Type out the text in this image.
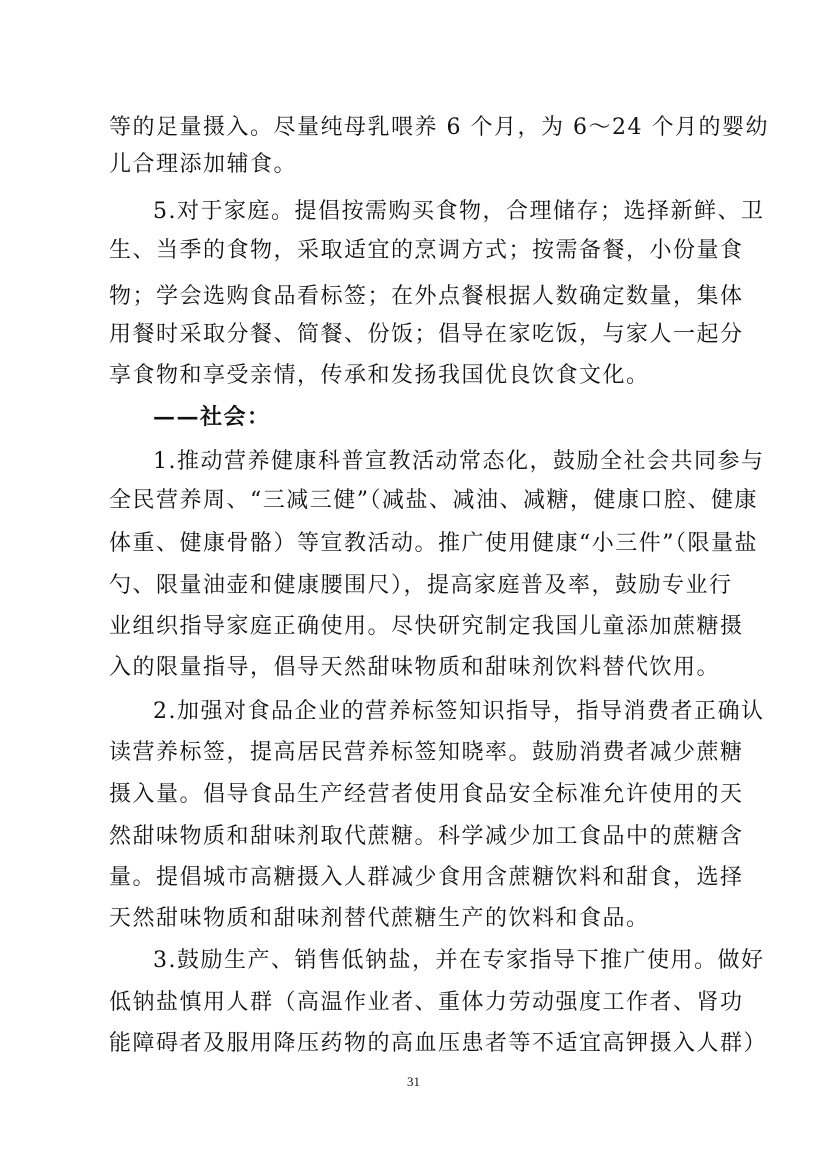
等的足量摄入。尽量纯母乳喂养 6 个月，为 6～24 个月的婴幼
儿合理添加辅食。
5.对于家庭。提倡按需购买食物，合理储存；选择新鲜、卫
生、当季的食物，采取适宜的烹调方式；按需备餐，小份量食
物；学会选购食品看标签；在外点餐根据人数确定数量，集体
用餐时采取分餐、简餐、份饭；倡导在家吃饭，与家人一起分
享食物和享受亲情，传承和发扬我国优良饮食文化。
——社会：
1.推动营养健康科普宣教活动常态化，鼓励全社会共同参与
全民营养周、“三减三健”（减盐、减油、减糖，健康口腔、健康
体重、健康骨骼）等宣教活动。推广使用健康“小三件”（限量盐
勺、限量油壶和健康腰围尺），提高家庭普及率，鼓励专业行
业组织指导家庭正确使用。尽快研究制定我国儿童添加蔗糖摄
入的限量指导，倡导天然甜味物质和甜味剂饮料替代饮用。
2.加强对食品企业的营养标签知识指导，指导消费者正确认
读营养标签，提高居民营养标签知晓率。鼓励消费者减少蔗糖
摄入量。倡导食品生产经营者使用食品安全标准允许使用的天
然甜味物质和甜味剂取代蔗糖。科学减少加工食品中的蔗糖含
量。提倡城市高糖摄入人群减少食用含蔗糖饮料和甜食，选择
天然甜味物质和甜味剂替代蔗糖生产的饮料和食品。
3.鼓励生产、销售低钠盐，并在专家指导下推广使用。做好
低钠盐慎用人群（高温作业者、重体力劳动强度工作者、肾功
能障碍者及服用降压药物的高血压患者等不适宜高钾摄入人群）
31
